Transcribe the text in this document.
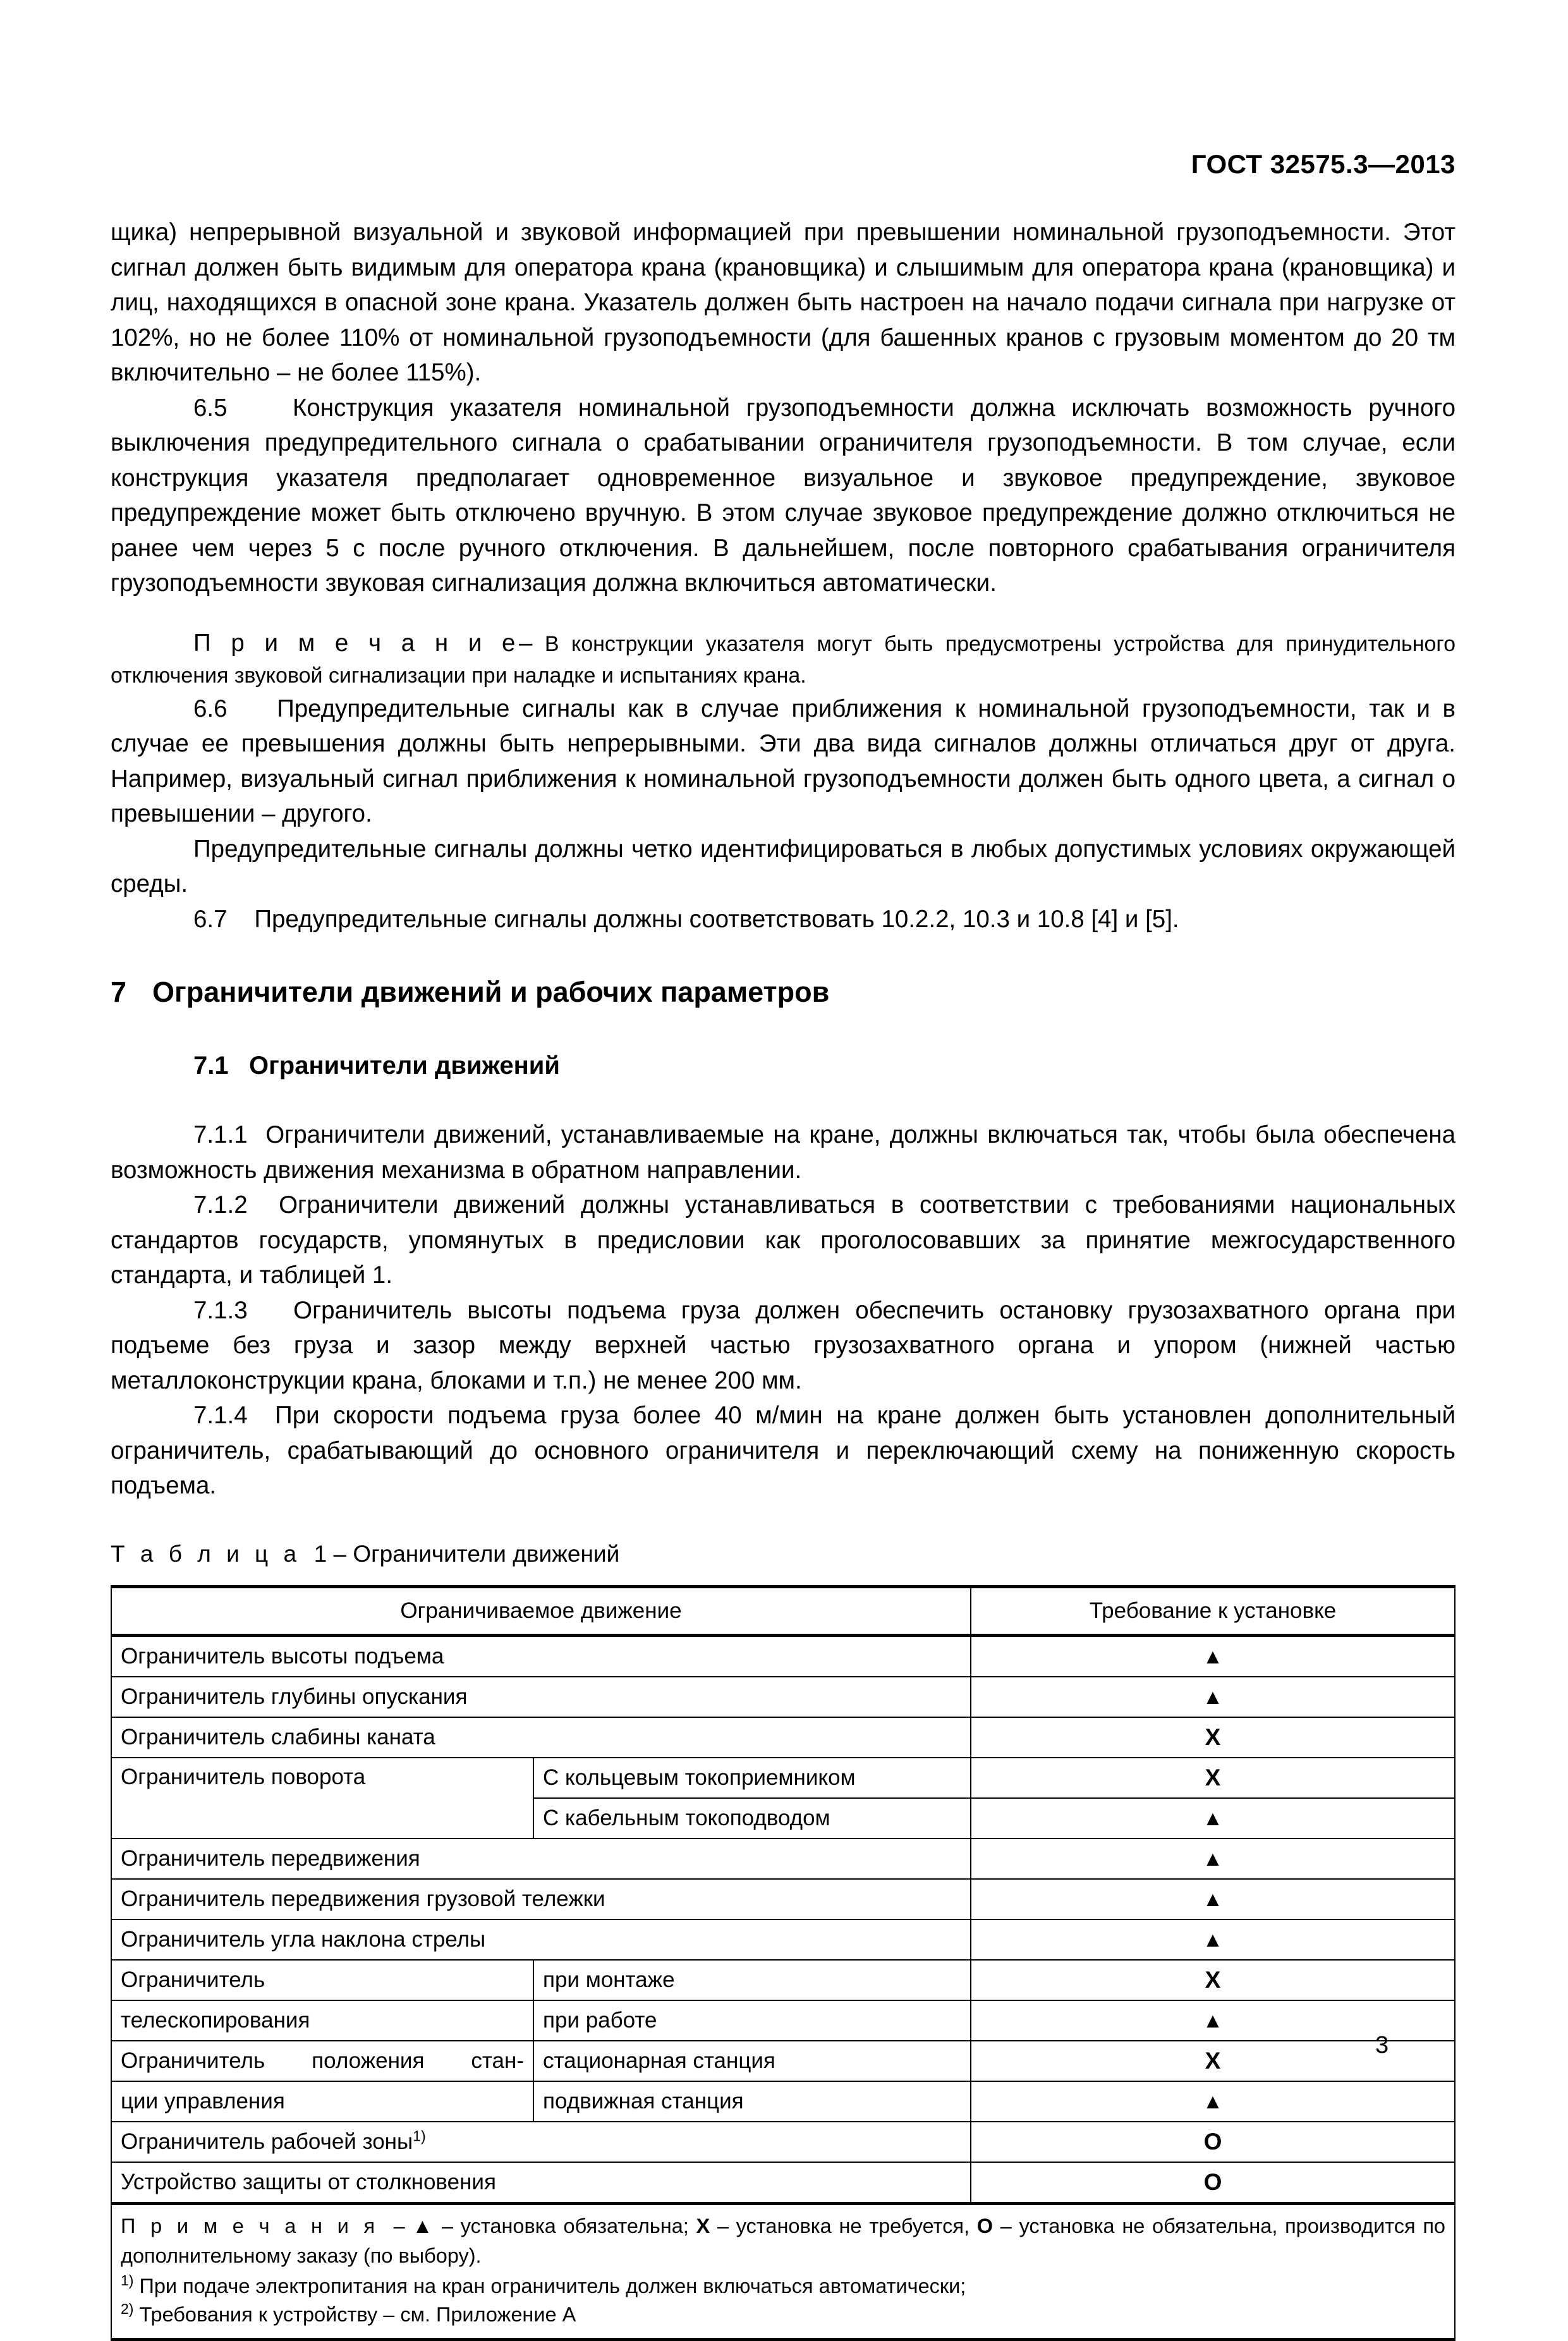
ГОСТ 32575.3—2013

щика) непрерывной визуальной и звуковой информацией при превышении номинальной грузоподъемности. Этот сигнал должен быть видимым для оператора крана (крановщика) и слышимым для оператора крана (крановщика) и лиц, находящихся в опасной зоне крана. Указатель должен быть настроен на начало подачи сигнала при нагрузке от 102%, но не более 110% от номинальной грузоподъемности (для башенных кранов с грузовым моментом до 20 тм включительно – не более 115%).

6.5	Конструкция указателя номинальной грузоподъемности должна исключать возможность ручного выключения предупредительного сигнала о срабатывании ограничителя грузоподъемности. В том случае, если конструкция указателя предполагает одновременное визуальное и звуковое предупреждение, звуковое предупреждение может быть отключено вручную. В этом случае звуковое предупреждение должно отключиться не ранее чем через 5 с после ручного отключения. В дальнейшем, после повторного срабатывания ограничителя грузоподъемности звуковая сигнализация должна включиться автоматически.

П р и м е ч а н и е– В конструкции указателя могут быть предусмотрены устройства для принудительного отключения звуковой сигнализации при наладке и испытаниях крана.

6.6 Предупредительные сигналы как в случае приближения к номинальной грузоподъемности, так и в случае ее превышения должны быть непрерывными. Эти два вида сигналов должны отличаться друг от друга. Например, визуальный сигнал приближения к номинальной грузоподъемности должен быть одного цвета, а сигнал о превышении – другого.

Предупредительные сигналы должны четко идентифицироваться в любых допустимых условиях окружающей среды.

6.7 Предупредительные сигналы должны соответствовать 10.2.2, 10.3 и 10.8 [4] и [5].

7 Ограничители движений и рабочих параметров
7.1 Ограничители движений

7.1.1 Ограничители движений, устанавливаемые на кране, должны включаться так, чтобы была обеспечена возможность движения механизма в обратном направлении.

7.1.2 Ограничители движений должны устанавливаться в соответствии с требованиями национальных стандартов государств, упомянутых в предисловии как проголосовавших за принятие межгосударственного стандарта, и таблицей 1.

7.1.3 Ограничитель высоты подъема груза должен обеспечить остановку грузозахватного органа при подъеме без груза и зазор между верхней частью грузозахватного органа и упором (нижней частью металлоконструкции крана, блоками и т.п.) не менее 200 мм.

7.1.4 При скорости подъема груза более 40 м/мин на кране должен быть установлен дополнительный ограничитель, срабатывающий до основного ограничителя и переключающий схему на пониженную скорость подъема.

Т а б л и ц а 1 – Ограничители движений
Ограничиваемое движение		Требование к установке
Ограничитель высоты подъема		▲
Ограничитель глубины опускания		▲
Ограничитель слабины каната		X
Ограничитель поворота	С кольцевым токоприемником	X
	С кабельным токоподводом	▲
Ограничитель передвижения		▲
Ограничитель передвижения грузовой тележки		▲
Ограничитель угла наклона стрелы		▲
Ограничитель	при монтаже	X
телескопирования	при работе	▲
Ограничитель положения стан-	стационарная станция	X
ции управления	подвижная станция	▲
Ограничитель рабочей зоны$^{1)}$		O
Устройство защиты от столкновения		O

П р и м е ч а н и я – ▲ – установка обязательна; X – установка не требуется, O – установка не обязательна, производится по дополнительному заказу (по выбору).
$^{1)}$ При подаче электропитания на кран ограничитель должен включаться автоматически;
$^{2)}$ Требования к устройству – см. Приложение А		
3
